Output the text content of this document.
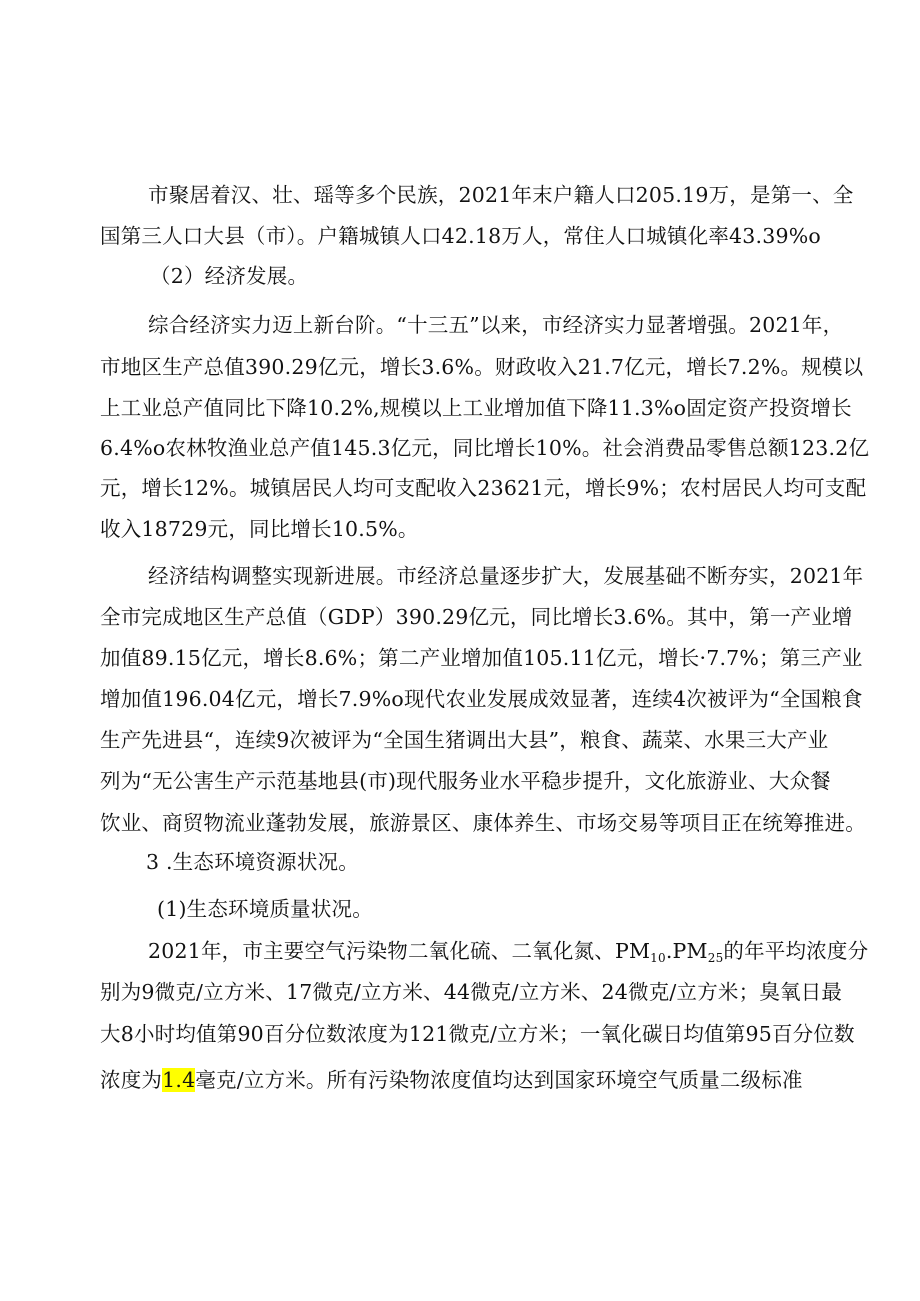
市聚居着汉、壮、瑶等多个民族，2021年末户籍人口205.19万，是第一、全
国第三人口大县（市）。户籍城镇人口42.18万人，常住人口城镇化率43.39%o
（2）经济发展。
综合经济实力迈上新台阶。“十三五”以来，市经济实力显著增强。2021年，
市地区生产总值390.29亿元，增长3.6%。财政收入21.7亿元，增长7.2%。规模以
上工业总产值同比下降10.2%,规模以上工业增加值下降11.3%o固定资产投资增长
6.4%o农林牧渔业总产值145.3亿元，同比增长10%。社会消费品零售总额123.2亿
元，增长12%。城镇居民人均可支配收入23621元，增长9%；农村居民人均可支配
收入18729元，同比增长10.5%。
经济结构调整实现新进展。市经济总量逐步扩大，发展基础不断夯实，2021年
全市完成地区生产总值（GDP）390.29亿元，同比增长3.6%。其中，第一产业增
加值89.15亿元，增长8.6%；第二产业增加值105.11亿元，增长·7.7%；第三产业
增加值196.04亿元，增长7.9%o现代农业发展成效显著，连续4次被评为“全国粮食
生产先进县“，连续9次被评为“全国生猪调出大县”，粮食、蔬菜、水果三大产业
列为“无公害生产示范基地县(市)现代服务业水平稳步提升，文化旅游业、大众餐
饮业、商贸物流业蓬勃发展，旅游景区、康体养生、市场交易等项目正在统筹推进。
3 .生态环境资源状况。
(1)生态环境质量状况。
2021年，市主要空气污染物二氧化硫、二氧化氮、$PM_{10}.PM_{25}$的年平均浓度分
别为9微克/立方米、17微克/立方米、44微克/立方米、24微克/立方米；臭氧日最
大8小时均值第90百分位数浓度为121微克/立方米；一氧化碳日均值第95百分位数
浓度为1.4毫克/立方米。所有污染物浓度值均达到国家环境空气质量二级标准
